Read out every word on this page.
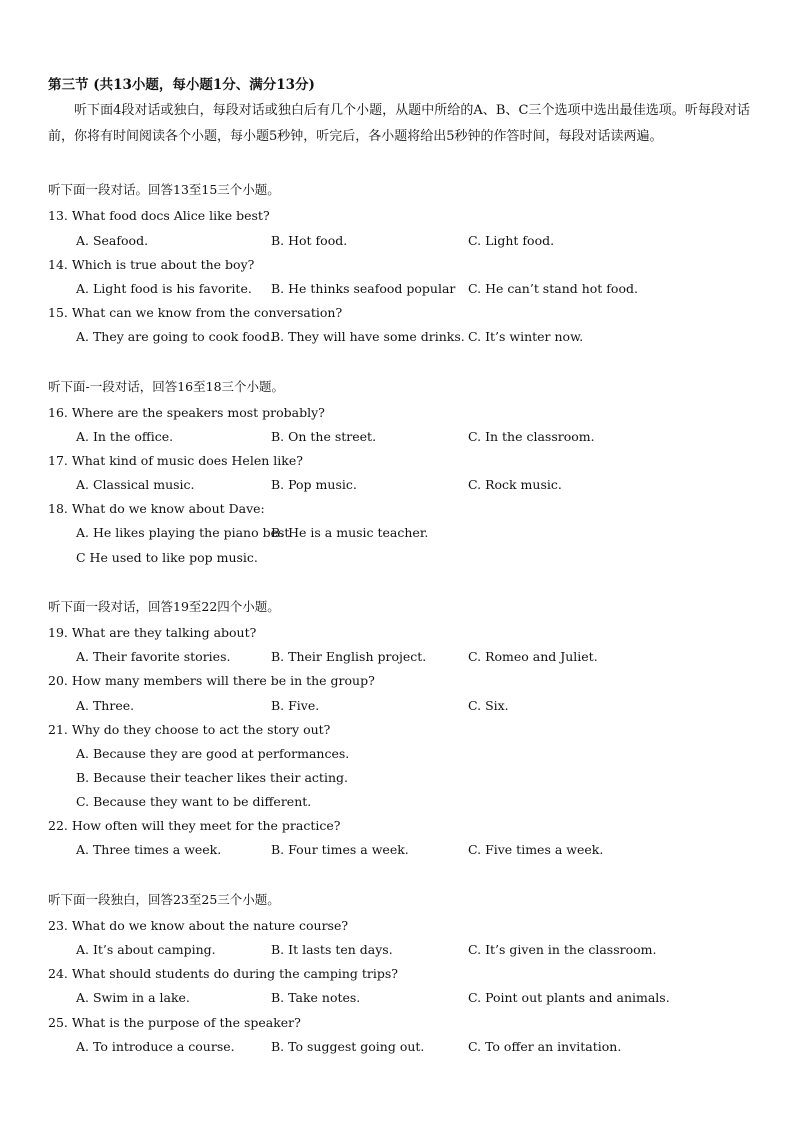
第三节 (共13小题，每小题1分、满分13分)
听下面4段对话或独白，每段对话或独白后有几个小题，从题中所给的A、B、C三个选项中选出最佳选项。听每段对话前，你将有时间阅读各个小题，每小题5秒钟，听完后，各小题将给出5秒钟的作答时间，每段对话读两遍。
听下面一段对话。回答13至15三个小题。
13. What food docs Alice like best?
A. Seafood.	B. Hot food.	C. Light food.
14. Which is true about the boy?
A. Light food is his favorite. B. He thinks seafood popular C. He can’t stand hot food.
15. What can we know from the conversation?
A. They are going to cook food.
B. They will have some drinks. C. It’s winter now.
听下面-一段对话，回答16至18三个小题。
16. Where are the speakers most probably?
A. In the office.	B. On the street.	C. In the classroom.
17. What kind of music does Helen like?
A. Classical music.	B. Pop music.	C. Rock music.
18. What do we know about Dave:
A. He likes playing the piano best
B. He is a music teacher.
C He used to like pop music.
听下面一段对话，回答19至22四个小题。
19. What are they talking about?
A. Their favorite stories.	B. Their English project.	C. Romeo and Juliet.
20. How many members will there be in the group?
A. Three.	B. Five.	C. Six.
21. Why do they choose to act the story out?
A. Because they are good at performances.
B. Because their teacher likes their acting.
C. Because they want to be different.
22. How often will they meet for the practice?
A. Three times a week.	B. Four times a week.	C. Five times a week.
听下面一段独白，回答23至25三个小题。
23. What do we know about the nature course?
A. It’s about camping.	B. It lasts ten days.	C. It’s given in the classroom.
24. What should students do during the camping trips?
A. Swim in a lake.	B. Take notes.	C. Point out plants and animals.
25. What is the purpose of the speaker?
A. To introduce a course.	B. To suggest going out.	C. To offer an invitation.
